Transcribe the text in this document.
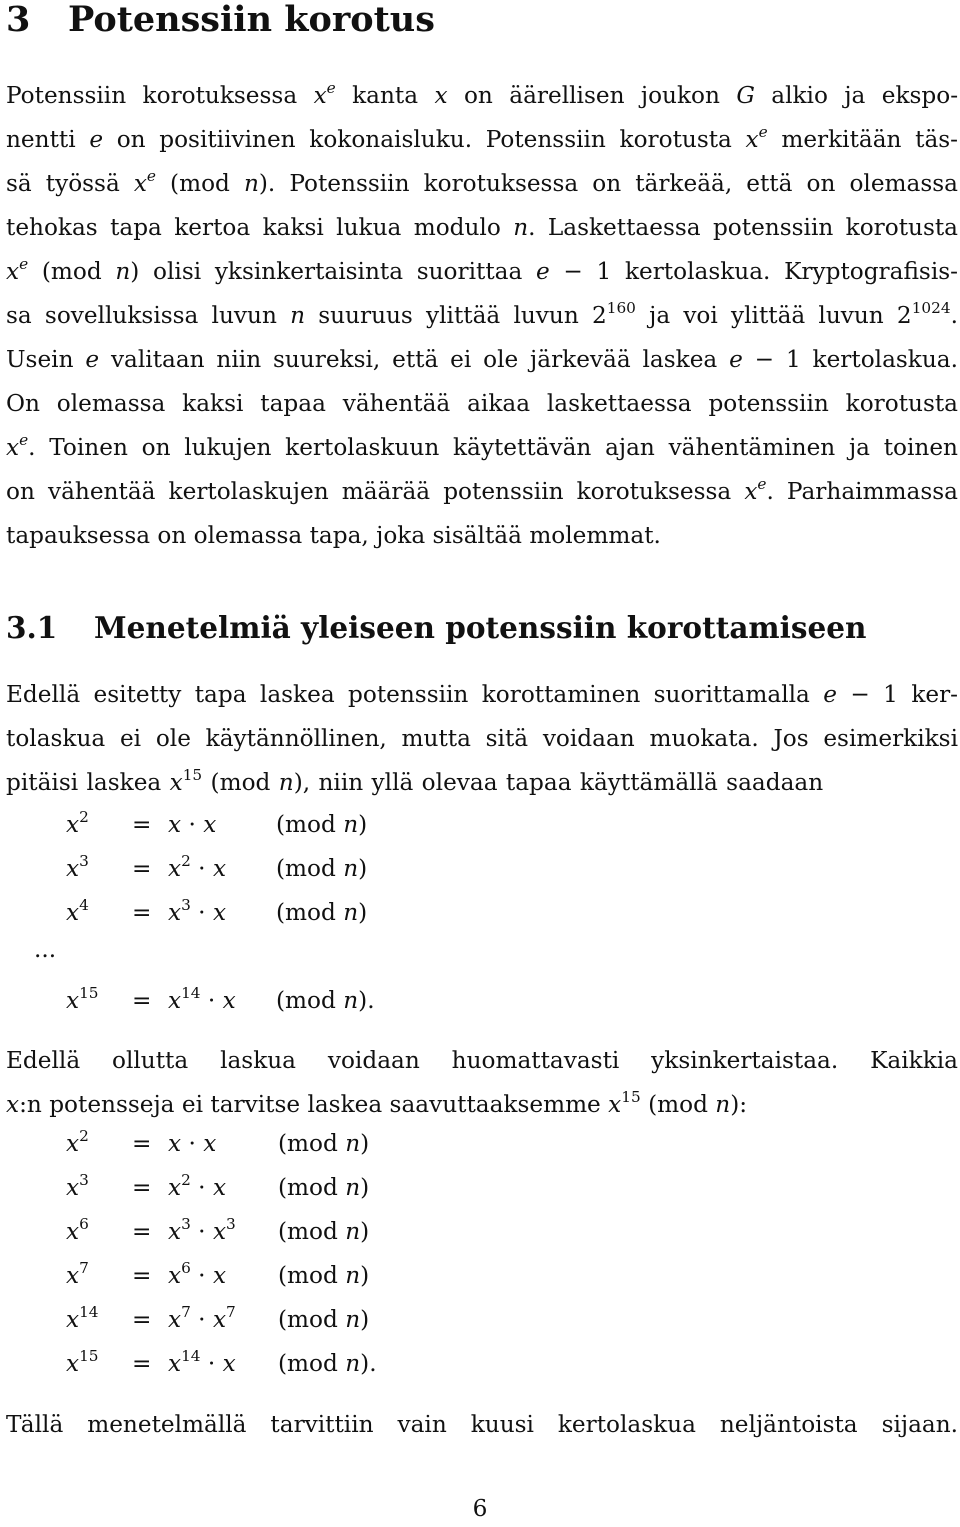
3 Potenssiin korotus
Potenssiin korotuksessa $x^e$ kanta x on äärellisen joukon G alkio ja ekspo-
nentti e on positiivinen kokonaisluku. Potenssiin korotusta $x^e$ merkitään täs-
sä työssä $x^e$ (mod n). Potenssiin korotuksessa on tärkeää, että on olemassa
tehokas tapa kertoa kaksi lukua modulo n. Laskettaessa potenssiin korotusta
$x^e$ (mod n) olisi yksinkertaisinta suorittaa e − 1 kertolaskua. Kryptografisis-
sa sovelluksissa luvun n suuruus ylittää luvun $2^{160}$ ja voi ylittää luvun $2^{1024}$.
Usein e valitaan niin suureksi, että ei ole järkevää laskea e − 1 kertolaskua.
On olemassa kaksi tapaa vähentää aikaa laskettaessa potenssiin korotusta
$x^e$. Toinen on lukujen kertolaskuun käytettävän ajan vähentäminen ja toinen
on vähentää kertolaskujen määrää potenssiin korotuksessa $x^e$. Parhaimmassa
tapauksessa on olemassa tapa, joka sisältää molemmat.
3.1 Menetelmiä yleiseen potenssiin korottamiseen
Edellä esitetty tapa laskea potenssiin korottaminen suorittamalla e − 1 ker-
tolaskua ei ole käytännöllinen, mutta sitä voidaan muokata. Jos esimerkiksi
pitäisi laskea $x^{15}$ (mod n), niin yllä olevaa tapaa käyttämällä saadaan
$x^2 = x \cdot x$	(mod n)
$x^3 = x^2 \cdot x$ (mod n)
$x^4 = x^3 \cdot x$ (mod n)
$x^{15} = x^{14} \cdot x$ (mod n).
...
Edellä ollutta laskua voidaan huomattavasti yksinkertaistaa. Kaikkia
x:n potensseja ei tarvitse laskea saavuttaaksemme $x^{15}$ (mod n):
$x^2 = x \cdot x$	(mod n)
$x^3 = x^2 \cdot x$ (mod n)
$x^6 = x^3 \cdot x^3$ (mod n)
$x^7 = x^6 \cdot x$ (mod n)
$x^{14} = x^7 \cdot x^7$ (mod n)
$x^{15} = x^{14} \cdot x$ (mod n).
Tällä menetelmällä tarvittiin vain kuusi kertolaskua neljäntoista sijaan.
6
